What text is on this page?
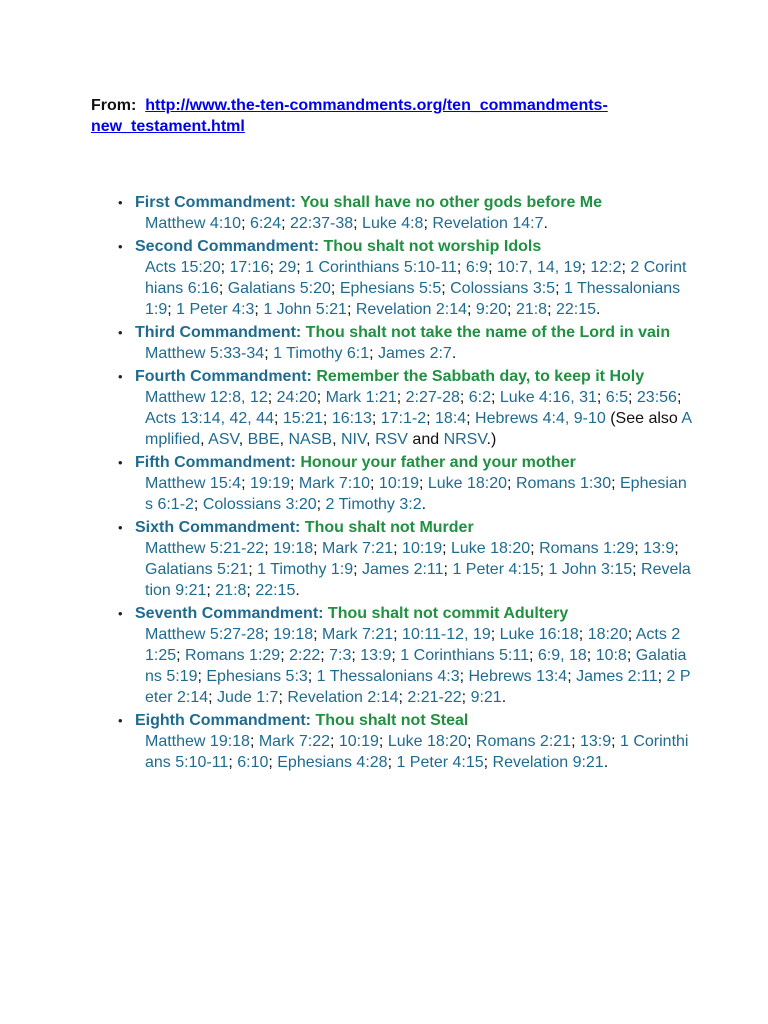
From: http://www.the-ten-commandments.org/ten_commandments-new_testament.html
• First Commandment: You shall have no other gods before Me
Matthew 4:10; 6:24; 22:37-38; Luke 4:8; Revelation 14:7.
• Second Commandment: Thou shalt not worship Idols
Acts 15:20; 17:16; 29; 1 Corinthians 5:10-11; 6:9; 10:7, 14, 19; 12:2; 2 Corinthians 6:16; Galatians 5:20; Ephesians 5:5; Colossians 3:5; 1 Thessalonians 1:9; 1 Peter 4:3; 1 John 5:21; Revelation 2:14; 9:20; 21:8; 22:15.
• Third Commandment: Thou shalt not take the name of the Lord in vain
Matthew 5:33-34; 1 Timothy 6:1; James 2:7.
• Fourth Commandment: Remember the Sabbath day, to keep it Holy
Matthew 12:8, 12; 24:20; Mark 1:21; 2:27-28; 6:2; Luke 4:16, 31; 6:5; 23:56; Acts 13:14, 42, 44; 15:21; 16:13; 17:1-2; 18:4; Hebrews 4:4, 9-10 (See also Amplified, ASV, BBE, NASB, NIV, RSV and NRSV.)
• Fifth Commandment: Honour your father and your mother
Matthew 15:4; 19:19; Mark 7:10; 10:19; Luke 18:20; Romans 1:30; Ephesians 6:1-2; Colossians 3:20; 2 Timothy 3:2.
• Sixth Commandment: Thou shalt not Murder
Matthew 5:21-22; 19:18; Mark 7:21; 10:19; Luke 18:20; Romans 1:29; 13:9; Galatians 5:21; 1 Timothy 1:9; James 2:11; 1 Peter 4:15; 1 John 3:15; Revelation 9:21; 21:8; 22:15.
• Seventh Commandment: Thou shalt not commit Adultery
Matthew 5:27-28; 19:18; Mark 7:21; 10:11-12, 19; Luke 16:18; 18:20; Acts 21:25; Romans 1:29; 2:22; 7:3; 13:9; 1 Corinthians 5:11; 6:9, 18; 10:8; Galatians 5:19; Ephesians 5:3; 1 Thessalonians 4:3; Hebrews 13:4; James 2:11; 2 Peter 2:14; Jude 1:7; Revelation 2:14; 2:21-22; 9:21.
• Eighth Commandment: Thou shalt not Steal
Matthew 19:18; Mark 7:22; 10:19; Luke 18:20; Romans 2:21; 13:9; 1 Corinthians 5:10-11; 6:10; Ephesians 4:28; 1 Peter 4:15; Revelation 9:21.
